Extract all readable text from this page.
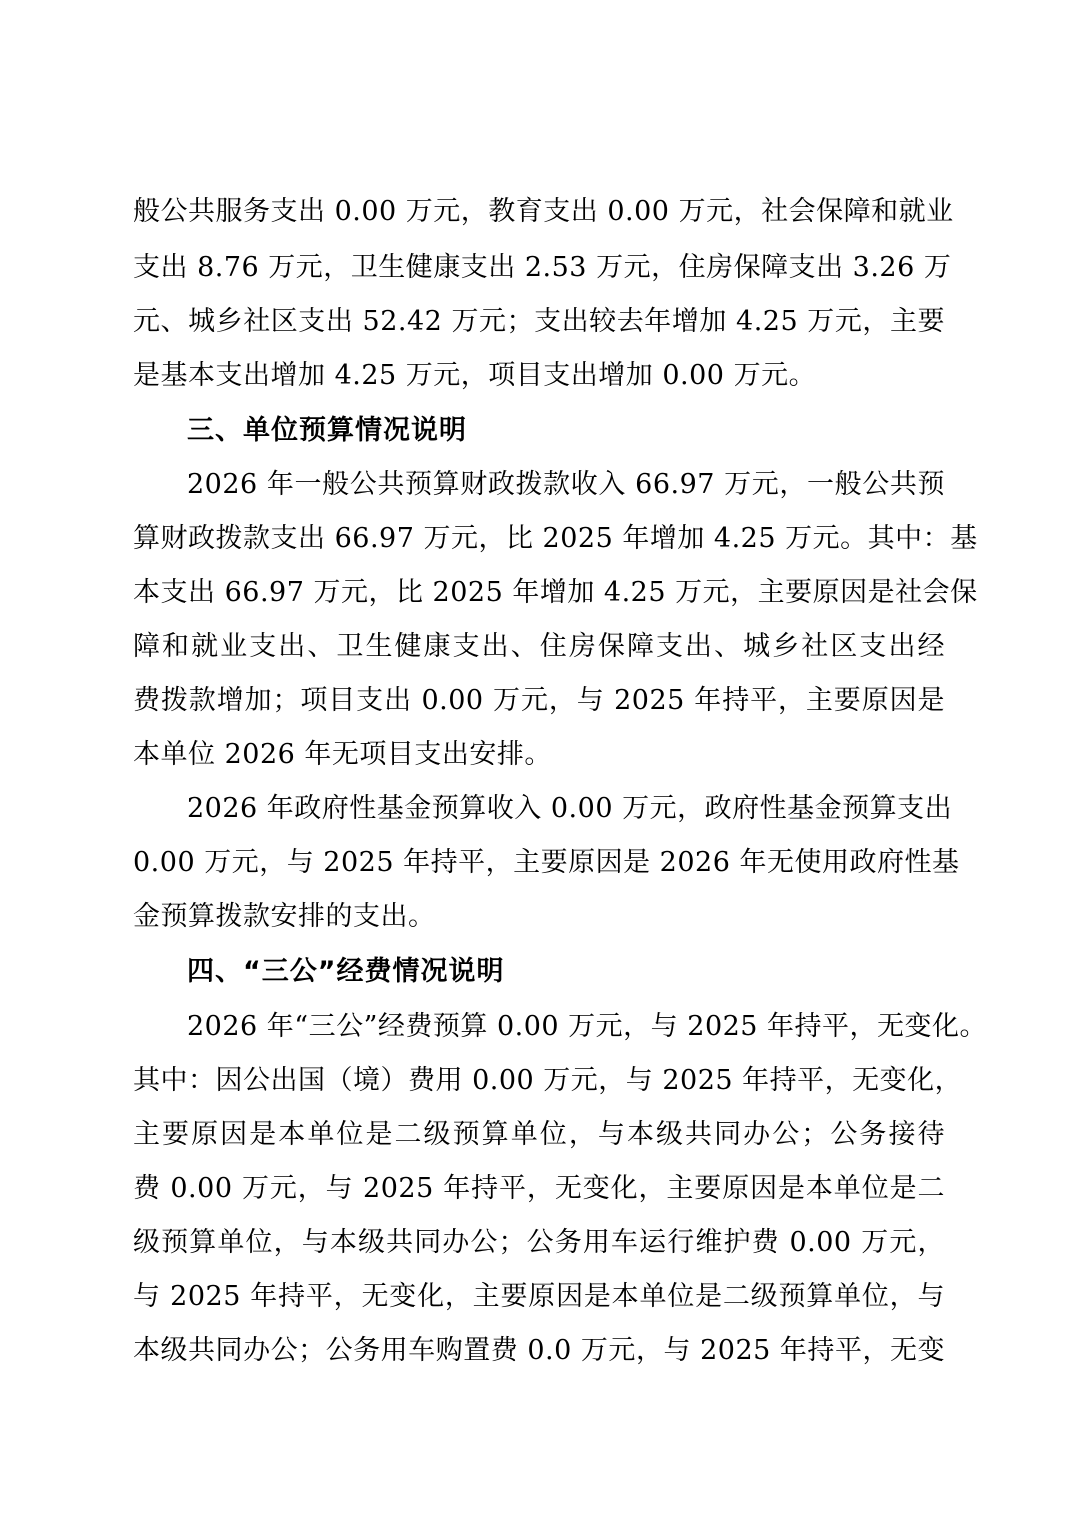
般公共服务支出 0.00 万元，教育支出 0.00 万元，社会保障和就业
支出 8.76 万元，卫生健康支出 2.53 万元，住房保障支出 3.26 万
元、城乡社区支出 52.42 万元；支出较去年增加 4.25 万元，主要
是基本支出增加 4.25 万元，项目支出增加 0.00 万元。
三、单位预算情况说明
2026 年一般公共预算财政拨款收入 66.97 万元，一般公共预
算财政拨款支出 66.97 万元，比 2025 年增加 4.25 万元。其中：基
本支出 66.97 万元，比 2025 年增加 4.25 万元，主要原因是社会保
障和就业支出、卫生健康支出、住房保障支出、城乡社区支出经
费拨款增加；项目支出 0.00 万元，与 2025 年持平，主要原因是
本单位 2026 年无项目支出安排。
2026 年政府性基金预算收入 0.00 万元，政府性基金预算支出
0.00 万元，与 2025 年持平，主要原因是 2026 年无使用政府性基
金预算拨款安排的支出。
四、“三公”经费情况说明
2026 年“三公”经费预算 0.00 万元，与 2025 年持平，无变化。
其中：因公出国（境）费用 0.00 万元，与 2025 年持平，无变化，
主要原因是本单位是二级预算单位，与本级共同办公；公务接待
费 0.00 万元，与 2025 年持平，无变化，主要原因是本单位是二
级预算单位，与本级共同办公；公务用车运行维护费 0.00 万元，
与 2025 年持平，无变化，主要原因是本单位是二级预算单位，与
本级共同办公；公务用车购置费 0.0 万元，与 2025 年持平，无变
